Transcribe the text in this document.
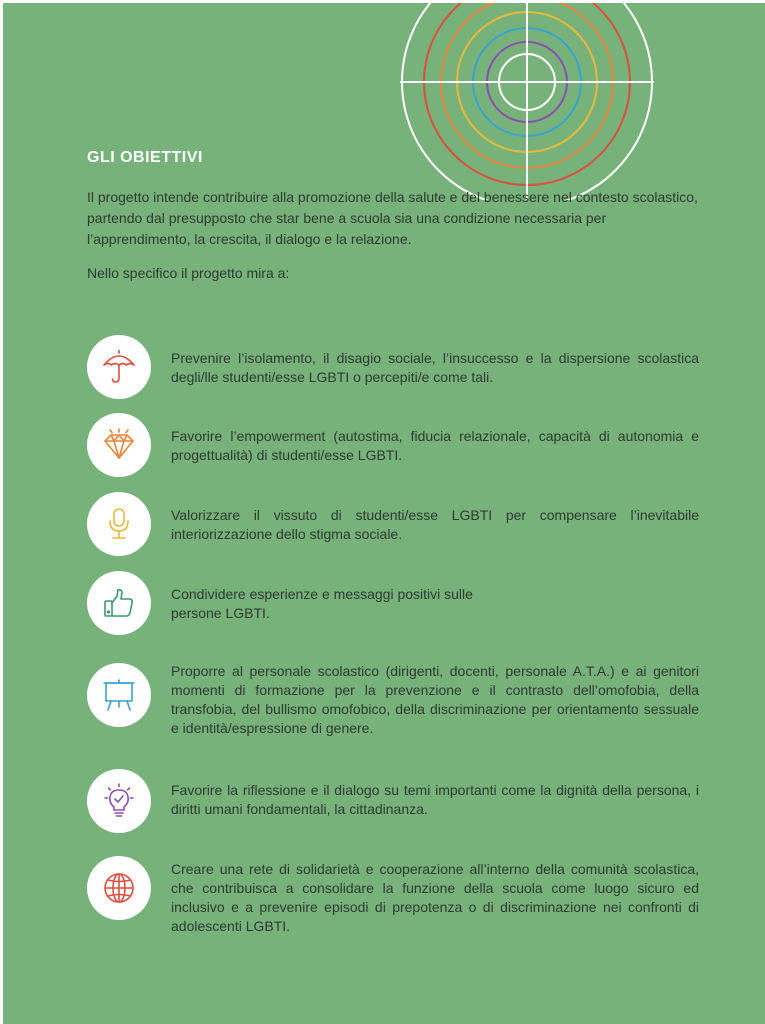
GLI OBIETTIVI

Il progetto intende contribuire alla promozione della salute e del benessere nel contesto scolastico, partendo dal presupposto che star bene a scuola sia una condizione necessaria per l’apprendimento, la crescita, il dialogo e la relazione.

Nello specifico il progetto mira a:

Prevenire l’isolamento, il disagio sociale, l’insuccesso e la dispersione scolastica degli/lle studenti/esse LGBTI o percepiti/e come tali.

Favorire l’empowerment (autostima, fiducia relazionale, capacità di autonomia e progettualità) di studenti/esse LGBTI.

Valorizzare il vissuto di studenti/esse LGBTI per compensare l’inevitabile interiorizzazione dello stigma sociale.

Condividere esperienze e messaggi positivi sulle persone LGBTI.

Proporre al personale scolastico (dirigenti, docenti, personale A.T.A.) e ai genitori momenti di formazione per la prevenzione e il contrasto dell’omofobia, della transfobia, del bullismo omofobico, della discriminazione per orientamento sessuale e identità/espressione di genere.

Favorire la riflessione e il dialogo su temi importanti come la dignità della persona, i diritti umani fondamentali, la cittadinanza.

Creare una rete di solidarietà e cooperazione all’interno della comunità scolastica, che contribuisca a consolidare la funzione della scuola come luogo sicuro ed inclusivo e a prevenire episodi di prepotenza o di discriminazione nei confronti di adolescenti LGBTI.
